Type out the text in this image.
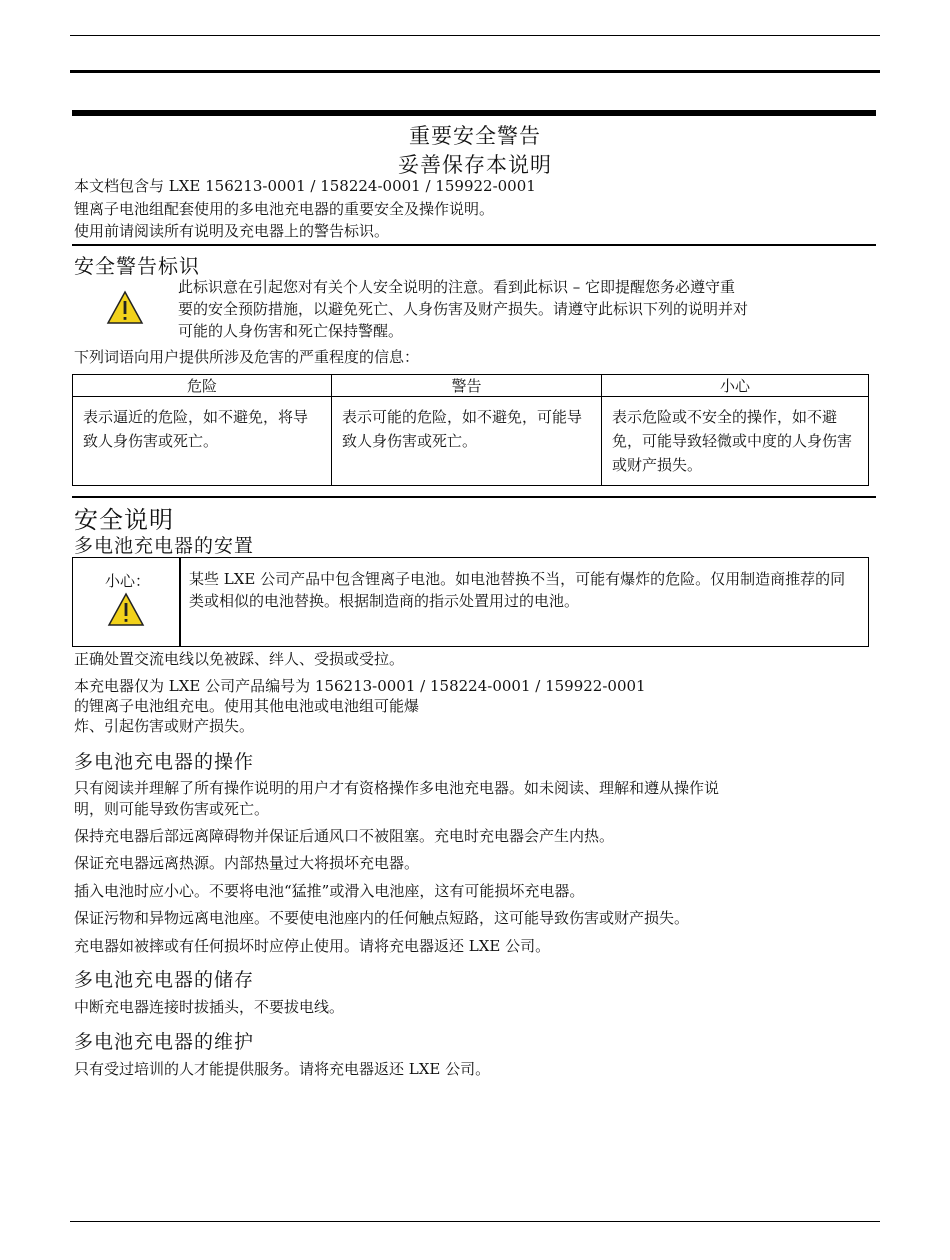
重要安全警告
妥善保存本说明
本文档包含与 LXE 156213-0001 / 158224-0001 / 159922-0001
锂离子电池组配套使用的多电池充电器的重要安全及操作说明。
使用前请阅读所有说明及充电器上的警告标识。
安全警告标识
此标识意在引起您对有关个人安全说明的注意。看到此标识 – 它即提醒您务必遵守重
要的安全预防措施，以避免死亡、人身伤害及财产损失。请遵守此标识下列的说明并对
可能的人身伤害和死亡保持警醒。
下列词语向用户提供所涉及危害的严重程度的信息：
危险	警告	小心
表示逼近的危险，如不避免，将导致人身伤害或死亡。	表示可能的危险，如不避免，可能导致人身伤害或死亡。	表示危险或不安全的操作，如不避免，可能导致轻微或中度的人身伤害或财产损失。
安全说明
多电池充电器的安置
小心：	某些 LXE 公司产品中包含锂离子电池。如电池替换不当，可能有爆炸的危险。仅用制造商推荐的同类或相似的电池替换。根据制造商的指示处置用过的电池。
正确处置交流电线以免被踩、绊人、受损或受拉。
本充电器仅为 LXE 公司产品编号为 156213-0001 / 158224-0001 / 159922-0001
的锂离子电池组充电。使用其他电池或电池组可能爆
炸、引起伤害或财产损失。
多电池充电器的操作
只有阅读并理解了所有操作说明的用户才有资格操作多电池充电器。如未阅读、理解和遵从操作说
明，则可能导致伤害或死亡。
保持充电器后部远离障碍物并保证后通风口不被阻塞。充电时充电器会产生内热。
保证充电器远离热源。内部热量过大将损坏充电器。
插入电池时应小心。不要将电池“猛推”或滑入电池座，这有可能损坏充电器。
保证污物和异物远离电池座。不要使电池座内的任何触点短路，这可能导致伤害或财产损失。
充电器如被摔或有任何损坏时应停止使用。请将充电器返还 LXE 公司。
多电池充电器的储存
中断充电器连接时拔插头，不要拔电线。
多电池充电器的维护
只有受过培训的人才能提供服务。请将充电器返还 LXE 公司。
